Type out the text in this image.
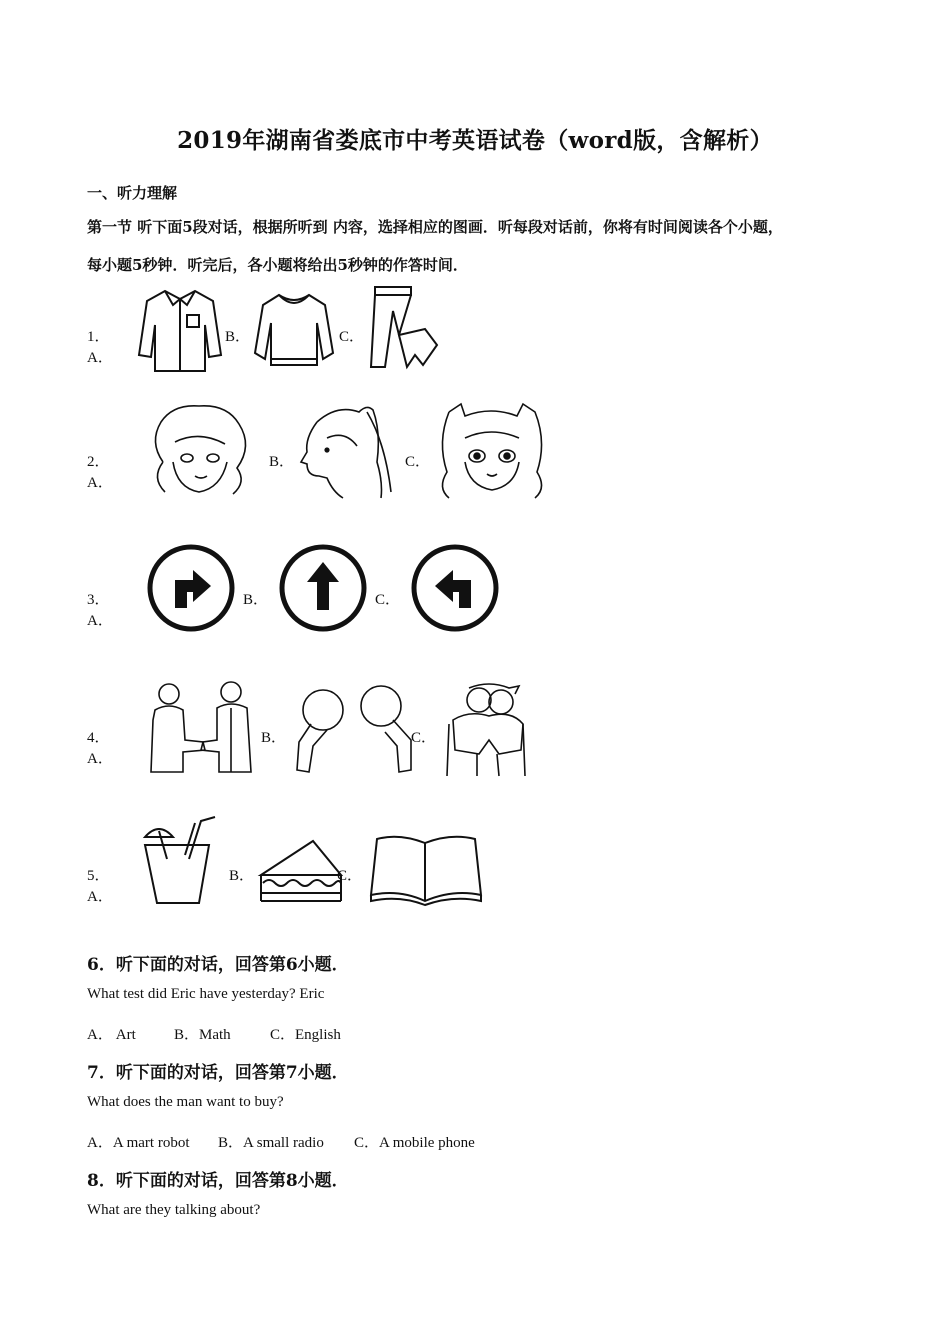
2019年湖南省娄底市中考英语试卷（word版，含解析）
一、听力理解
第一节 听下面5段对话，根据所听到 内容，选择相应的图画．听每段对话前，你将有时间阅读各个小题，
每小题5秒钟．听完后，各小题将给出5秒钟的作答时间．
1．A．
B．	C．
2．A．
B．	C．
3．A．
B．	C．
4．A．
B．	C．
5．A．
B．	C．
6．听下面的对话，回答第6小题．
What test did Eric have yesterday? Eric
A． Art	B．Math	C．English
7．听下面的对话，回答第7小题．
What does the man want to buy?
A．A mart robot B．A small radio C．A mobile phone
8．听下面的对话，回答第8小题．
What are they talking about?
